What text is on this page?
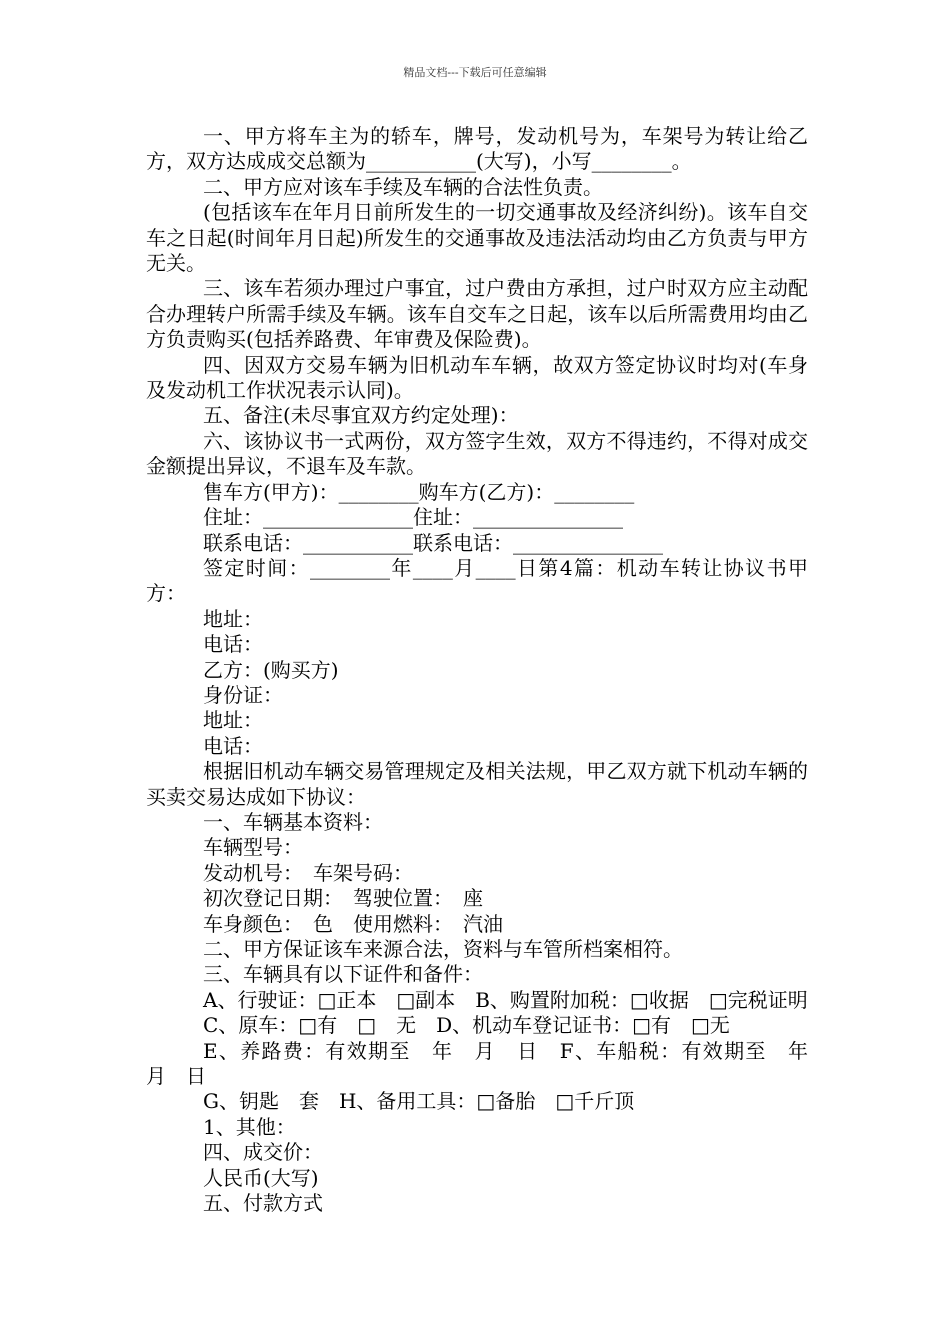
精品文档---下载后可任意编辑

一、甲方将车主为的轿车，牌号，发动机号为，车架号为转让给乙方，双方达成成交总额为___________(大写)，小写________。

二、甲方应对该车手续及车辆的合法性负责。

(包括该车在年月日前所发生的一切交通事故及经济纠纷)。该车自交车之日起(时间年月日起)所发生的交通事故及违法活动均由乙方负责与甲方无关。

三、该车若须办理过户事宜，过户费由方承担，过户时双方应主动配合办理转户所需手续及车辆。该车自交车之日起，该车以后所需费用均由乙方负责购买(包括养路费、年审费及保险费)。

四、因双方交易车辆为旧机动车车辆，故双方签定协议时均对(车身及发动机工作状况表示认同)。

五、备注(未尽事宜双方约定处理)：

六、该协议书一式两份，双方签字生效，双方不得违约，不得对成交金额提出异议，不退车及车款。

售车方(甲方)：________购车方(乙方)：________

住址：_______________住址：_______________

联系电话：___________联系电话：_______________

签定时间：________年____月____日第4篇：机动车转让协议书甲方：

地址：

电话：

乙方：(购买方)

身份证：

地址：

电话：

根据旧机动车辆交易管理规定及相关法规，甲乙双方就下机动车辆的买卖交易达成如下协议：

一、车辆基本资料：

车辆型号：

发动机号：　车架号码：

初次登记日期：　驾驶位置：　座

车身颜色：　色　使用燃料：　汽油

二、甲方保证该车来源合法，资料与车管所档案相符。

三、车辆具有以下证件和备件：

A、行驶证：□正本　□副本　B、购置附加税：□收据　□完税证明

C、原车：□有　□　无　D、机动车登记证书：□有　□无

E、养路费：有效期至　年　月　日　F、车船税：有效期至　年　月　日

G、钥匙　套　H、备用工具：□备胎　□千斤顶

1、其他：

四、成交价：

人民币(大写)

五、付款方式
